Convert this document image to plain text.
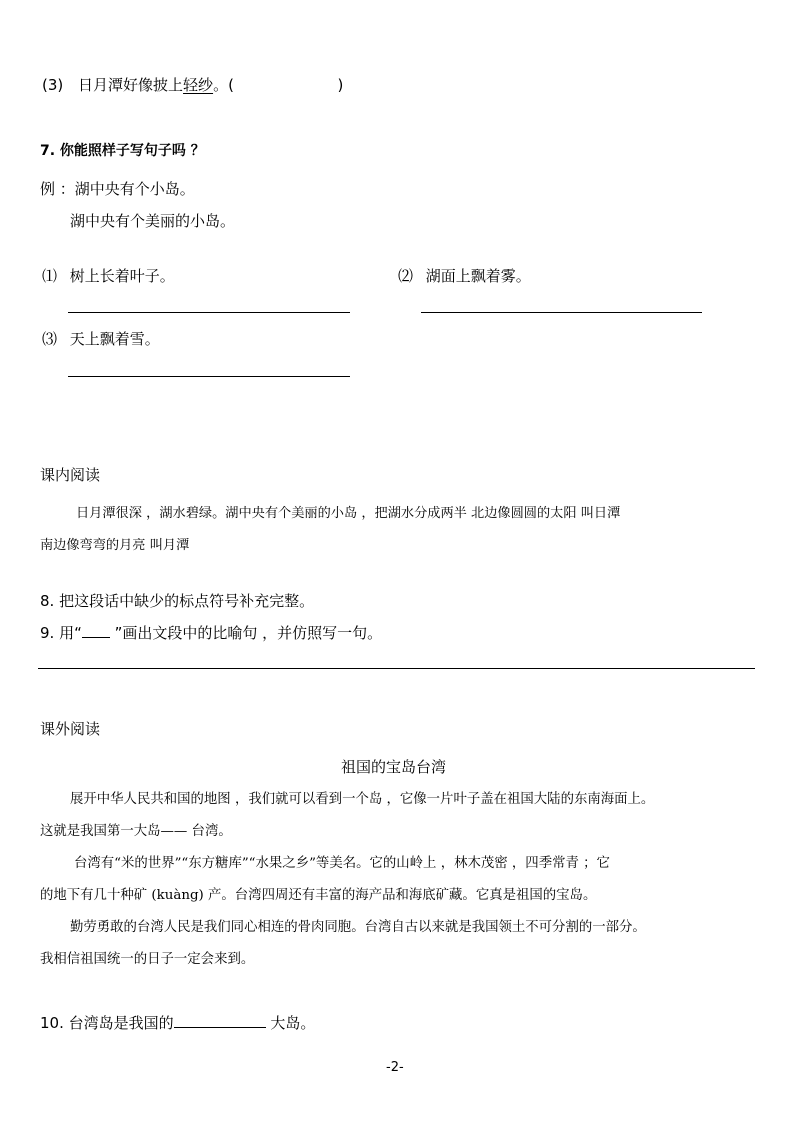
(3) 日月潭好像披上轻纱。(	)
7. 你能照样子写句子吗 ？
例 ：湖中央有个小岛。
湖中央有个美丽的小岛。
⑴ 树上长着叶子。	⑵ 湖面上飘着雾。
⑶ 天上飘着雪。
课内阅读
日月潭很深 ，湖水碧绿。湖中央有个美丽的小岛 ，把湖水分成两半 北边像圆圆的太阳 叫日潭
南边像弯弯的月亮 叫月潭
8. 把这段话中缺少的标点符号补充完整。
9. 用“ ”画出文段中的比喻句 ，并仿照写一句。
课外阅读
祖国的宝岛台湾
展开中华人民共和国的地图 ，我们就可以看到一个岛 ，它像一片叶子盖在祖国大陆的东南海面上。
这就是我国第一大岛—— 台湾。
台湾有“米的世界”“东方糖库”“水果之乡”等美名。它的山岭上 ，林木茂密 ，四季常青 ；它
的地下有几十种矿 (kuàng) 产。台湾四周还有丰富的海产品和海底矿藏。它真是祖国的宝岛。
勤劳勇敢的台湾人民是我们同心相连的骨肉同胞。台湾自古以来就是我国领土不可分割的一部分。
我相信祖国统一的日子一定会来到。
10. 台湾岛是我国的	大岛。
-2-
